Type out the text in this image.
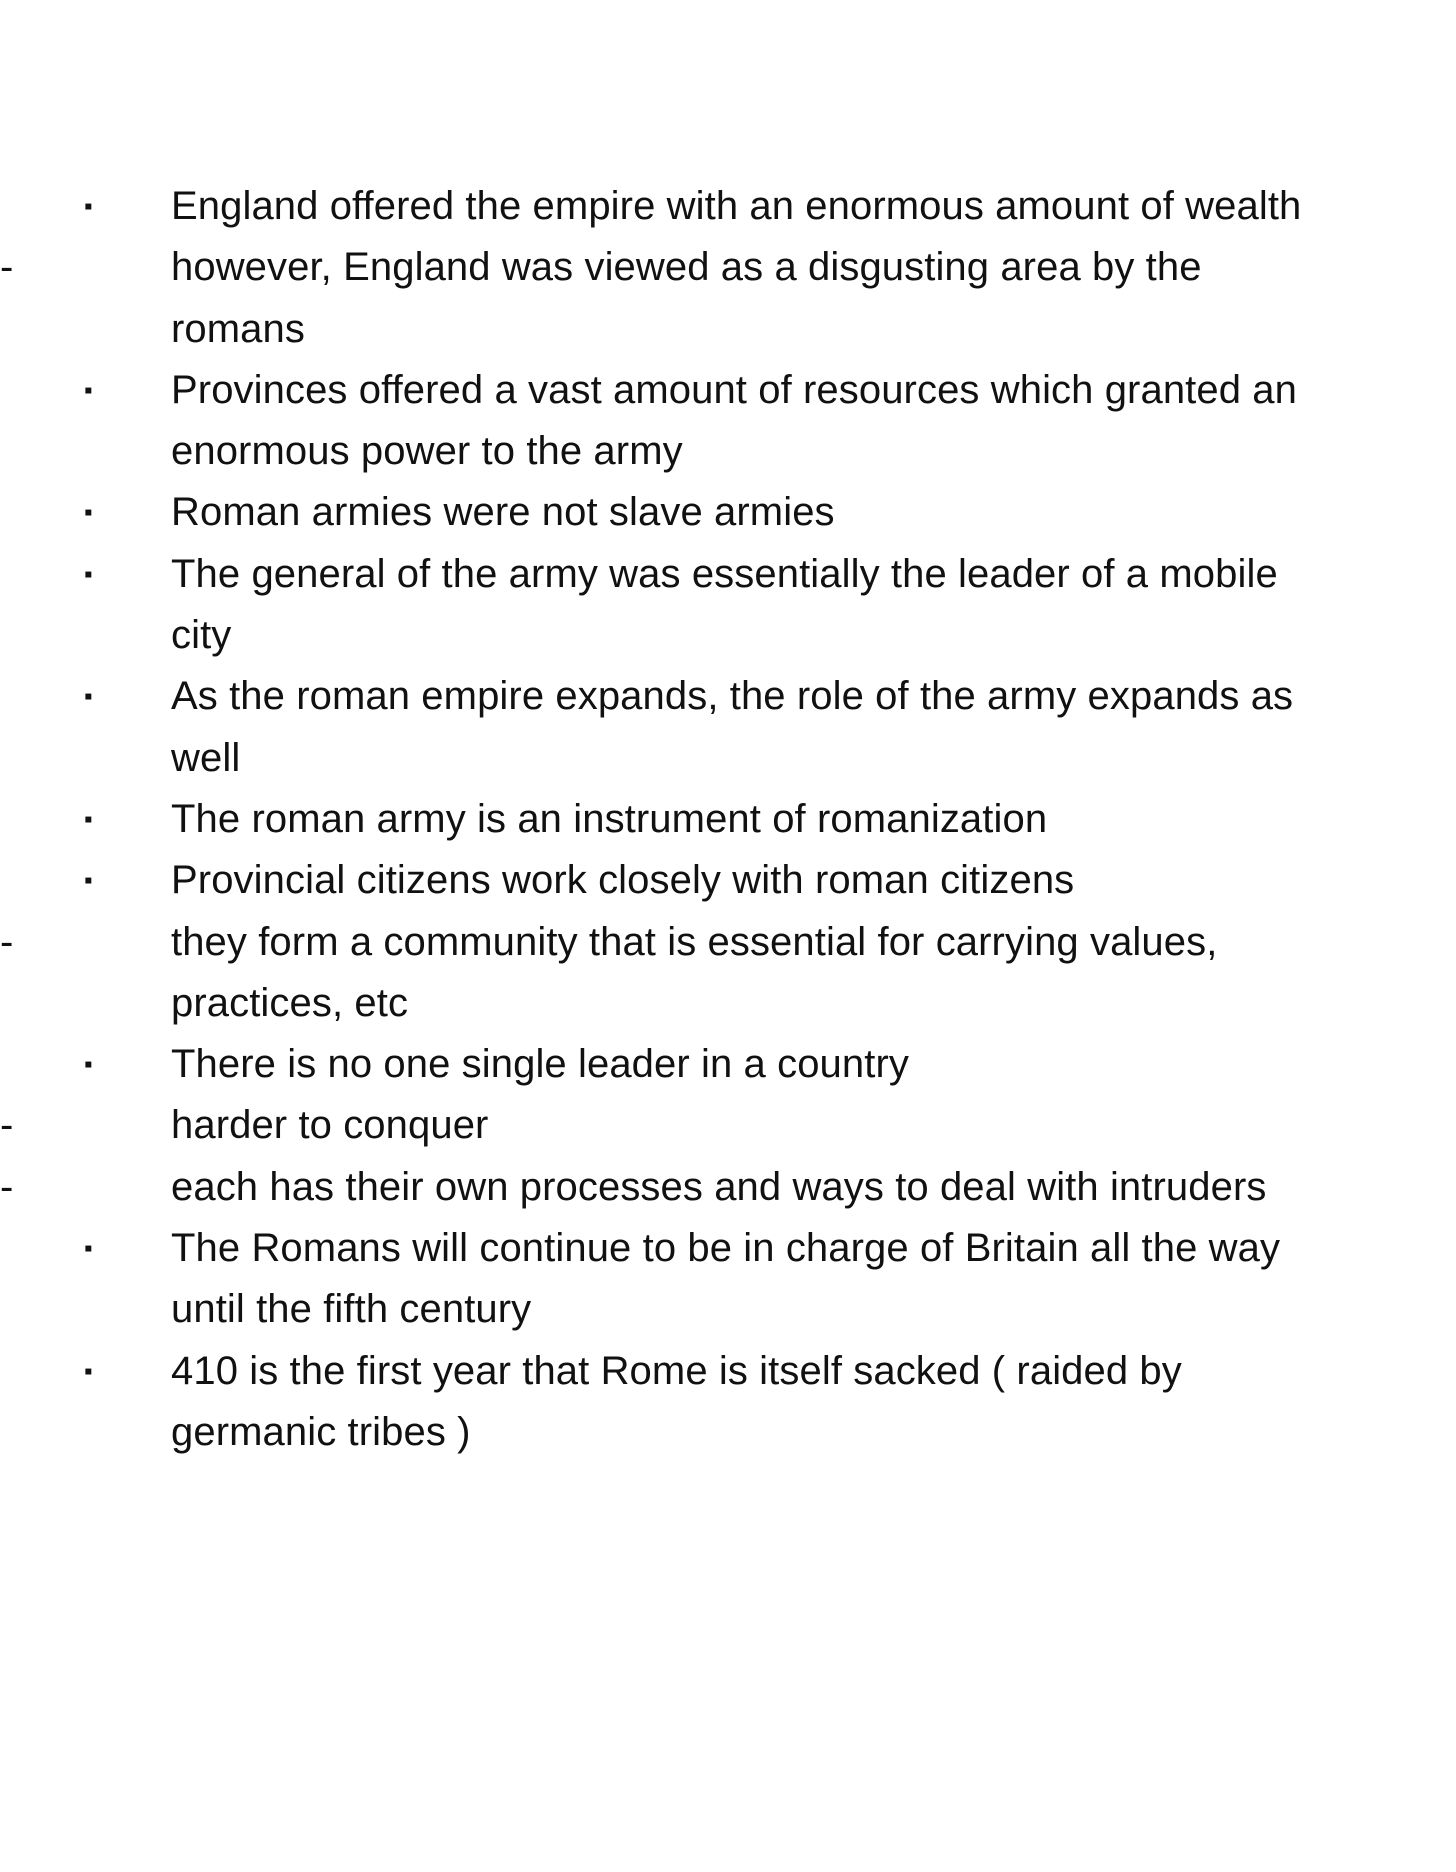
▪ England offered the empire with an enormous amount of wealth
-	however, England was viewed as a disgusting area by the romans
▪ Provinces offered a vast amount of resources which granted an enormous power to the army
▪ Roman armies were not slave armies
▪ The general of the army was essentially the leader of a mobile city
▪ As the roman empire expands, the role of the army expands as well
▪ The roman army is an instrument of romanization
▪ Provincial citizens work closely with roman citizens
-	they form a community that is essential for carrying values, practices, etc
▪ There is no one single leader in a country
-	harder to conquer
-	each has their own processes and ways to deal with intruders
▪ The Romans will continue to be in charge of Britain all the way until the fifth century
▪ 410 is the first year that Rome is itself sacked ( raided by germanic tribes )
